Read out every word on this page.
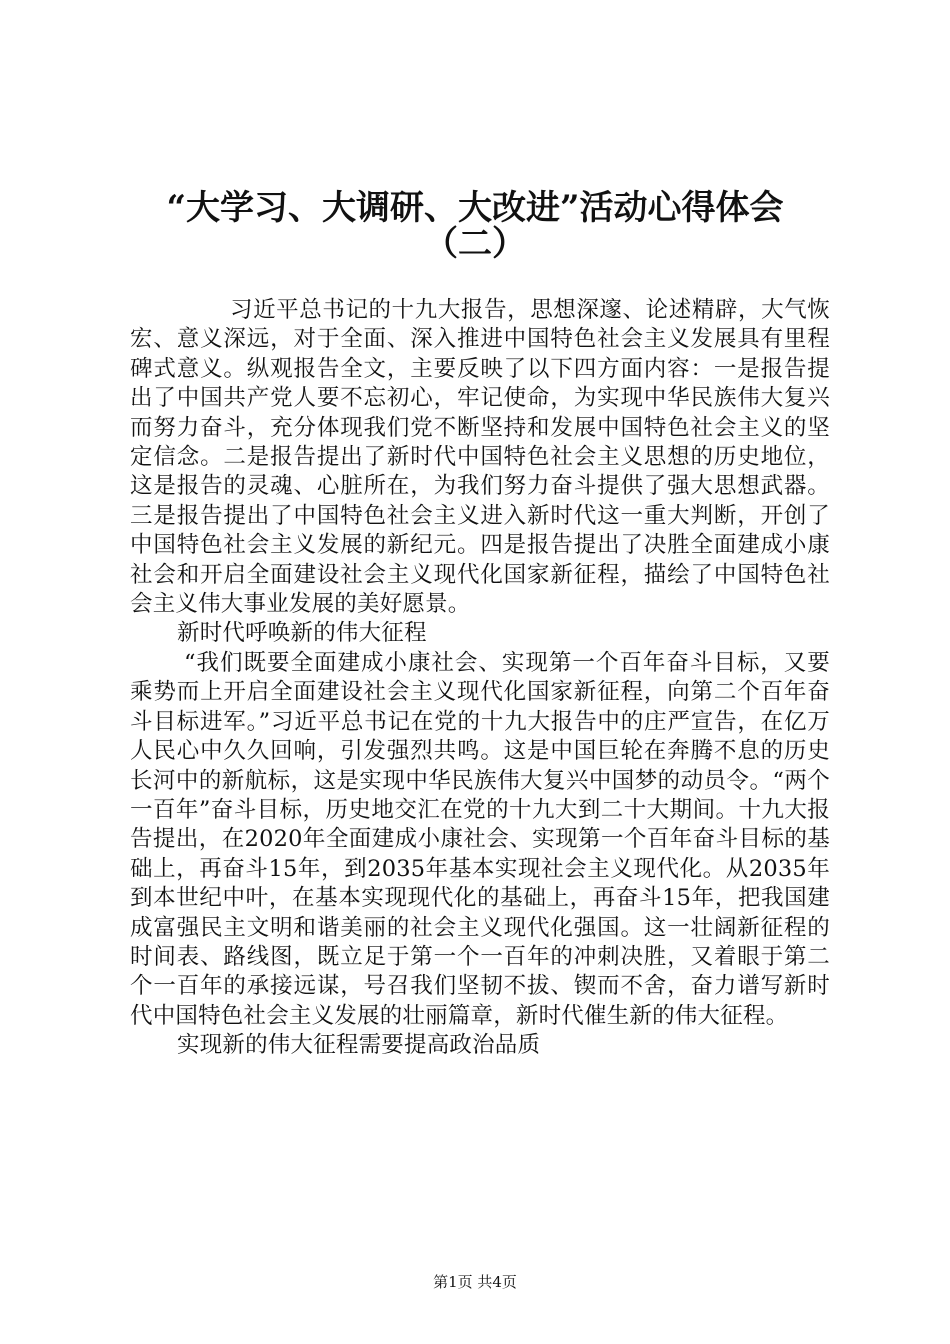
“大学习、大调研、大改进”活动心得体会
（二）

习近平总书记的十九大报告，思想深邃、论述精辟，大气恢宏、意义深远，对于全面、深入推进中国特色社会主义发展具有里程碑式意义。纵观报告全文，主要反映了以下四方面内容：一是报告提出了中国共产党人要不忘初心，牢记使命，为实现中华民族伟大复兴而努力奋斗，充分体现我们党不断坚持和发展中国特色社会主义的坚定信念。二是报告提出了新时代中国特色社会主义思想的历史地位，这是报告的灵魂、心脏所在，为我们努力奋斗提供了强大思想武器。三是报告提出了中国特色社会主义进入新时代这一重大判断，开创了中国特色社会主义发展的新纪元。四是报告提出了决胜全面建成小康社会和开启全面建设社会主义现代化国家新征程，描绘了中国特色社会主义伟大事业发展的美好愿景。

新时代呼唤新的伟大征程

“我们既要全面建成小康社会、实现第一个百年奋斗目标，又要乘势而上开启全面建设社会主义现代化国家新征程，向第二个百年奋斗目标进军。”习近平总书记在党的十九大报告中的庄严宣告，在亿万人民心中久久回响，引发强烈共鸣。这是中国巨轮在奔腾不息的历史长河中的新航标，这是实现中华民族伟大复兴中国梦的动员令。“两个一百年”奋斗目标，历史地交汇在党的十九大到二十大期间。十九大报告提出，在2020年全面建成小康社会、实现第一个百年奋斗目标的基础上，再奋斗15年，到2035年基本实现社会主义现代化。从2035年到本世纪中叶，在基本实现现代化的基础上，再奋斗15年，把我国建成富强民主文明和谐美丽的社会主义现代化强国。这一壮阔新征程的时间表、路线图，既立足于第一个一百年的冲刺决胜，又着眼于第二个一百年的承接远谋，号召我们坚韧不拔、锲而不舍，奋力谱写新时代中国特色社会主义发展的壮丽篇章，新时代催生新的伟大征程。

实现新的伟大征程需要提高政治品质

第1页 共4页
